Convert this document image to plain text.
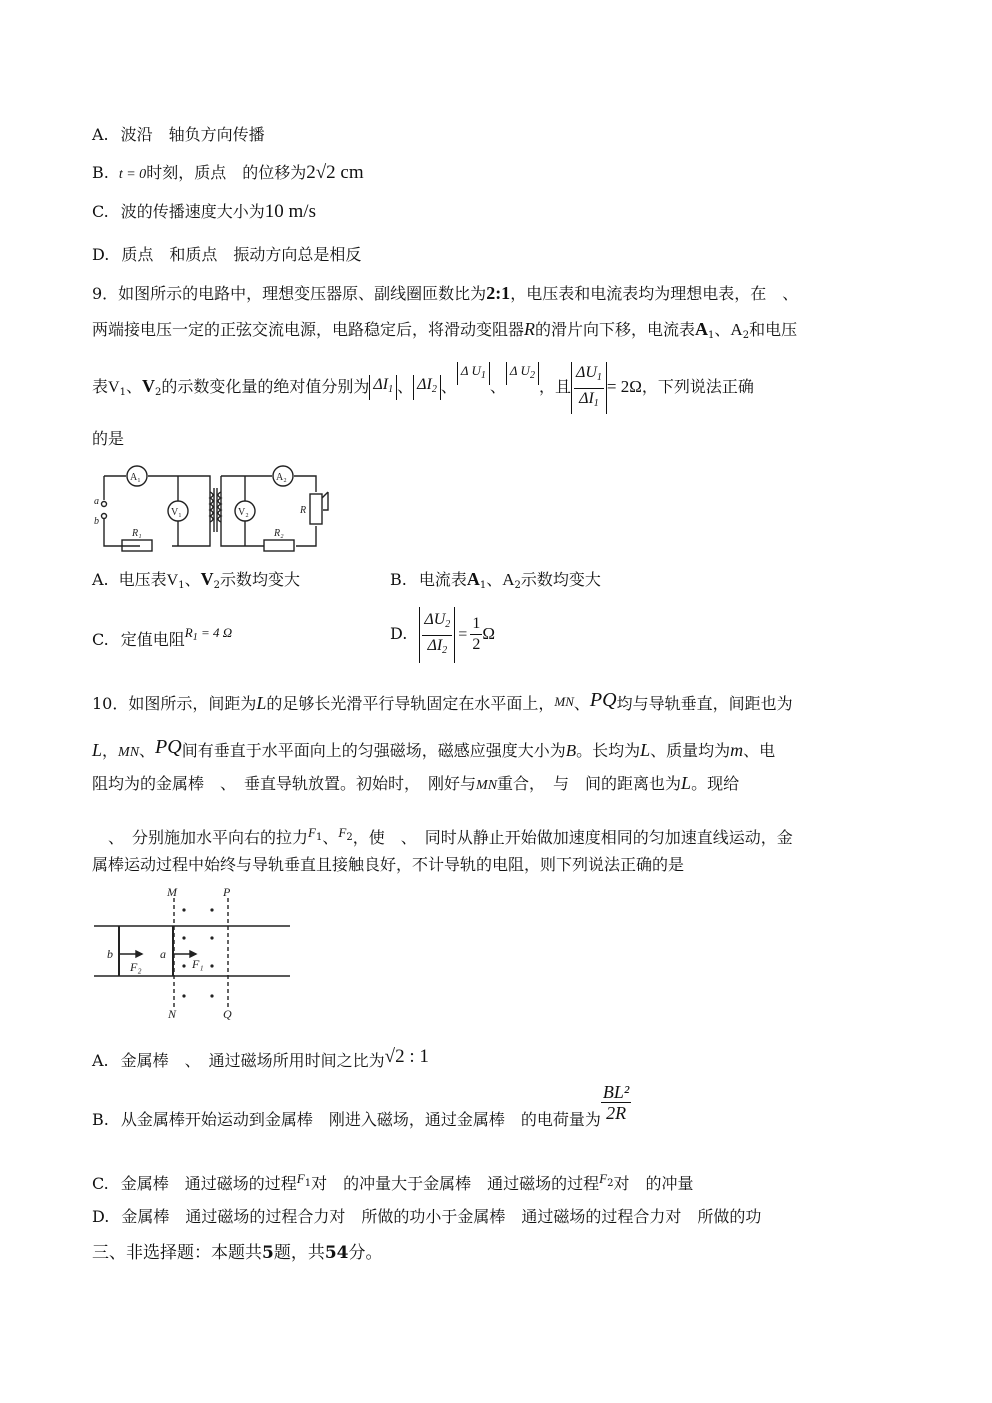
A. 波沿　轴负方向传播
B. t = 0时刻，质点　的位移为2√2 cm
C. 波的传播速度大小为10 m/s
D. 质点　和质点　振动方向总是相反
9．如图所示的电路中，理想变压器原、副线圈匝数比为2:1，电压表和电流表均为理想电表，在　、
两端接电压一定的正弦交流电源，电路稳定后，将滑动变阻器R的滑片向下移，电流表$A_1$、$A_2$和电压
表$V_1$、$V_2$的示数变化量的绝对值分别为 $\Delta I_1$ 、 $\Delta I_2$ 、Δ $U_1$、Δ $U_2$，且 $\frac{\Delta U_1}{\Delta I_1} = 2\Omega$，下列说法正确
的是
A₁	A₂
V₁	V₂
R₁	R₂
R
a
b
A. 电压表$V_1$、$V_2$示数均变大	B. 电流表$A_1$、$A_2$示数均变大
C. 定值电阻$^{R_1 = 4 \Omega}$	D. $\frac{\Delta U_2}{\Delta I_2} = \frac{1}{2}$ Ω
10．如图所示，间距为L的足够长光滑平行导轨固定在水平面上，MN、PQ均与导轨垂直，间距也为
L，MN、PQ间有垂直于水平面向上的匀强磁场，磁感应强度大小为B。长均为L、质量均为m、电
阻均为的金属棒　、　垂直导轨放置。初始时，　刚好与MN重合，　与　间的距离也为L。现给
　、　分别施加水平向右的拉力$^{F1}$、$^{F2}$，使　、　同时从静止开始做加速度相同的匀加速直线运动，金
属棒运动过程中始终与导轨垂直且接触良好，不计导轨的电阻，则下列说法正确的是
M	P
N	Q
a
b
F₂	F₁
A. 金属棒　、　通过磁场所用时间之比为√2 : 1
B. 从金属棒开始运动到金属棒　刚进入磁场，通过金属棒　的电荷量为 $\frac{\text{BL²}}{2R}$
C. 金属棒　通过磁场的过程$^{F1}$对　的冲量大于金属棒　通过磁场的过程$^{F2}$对　的冲量
D. 金属棒　通过磁场的过程合力对　所做的功小于金属棒　通过磁场的过程合力对　所做的功
三、非选择题：本题共5题，共54分。
